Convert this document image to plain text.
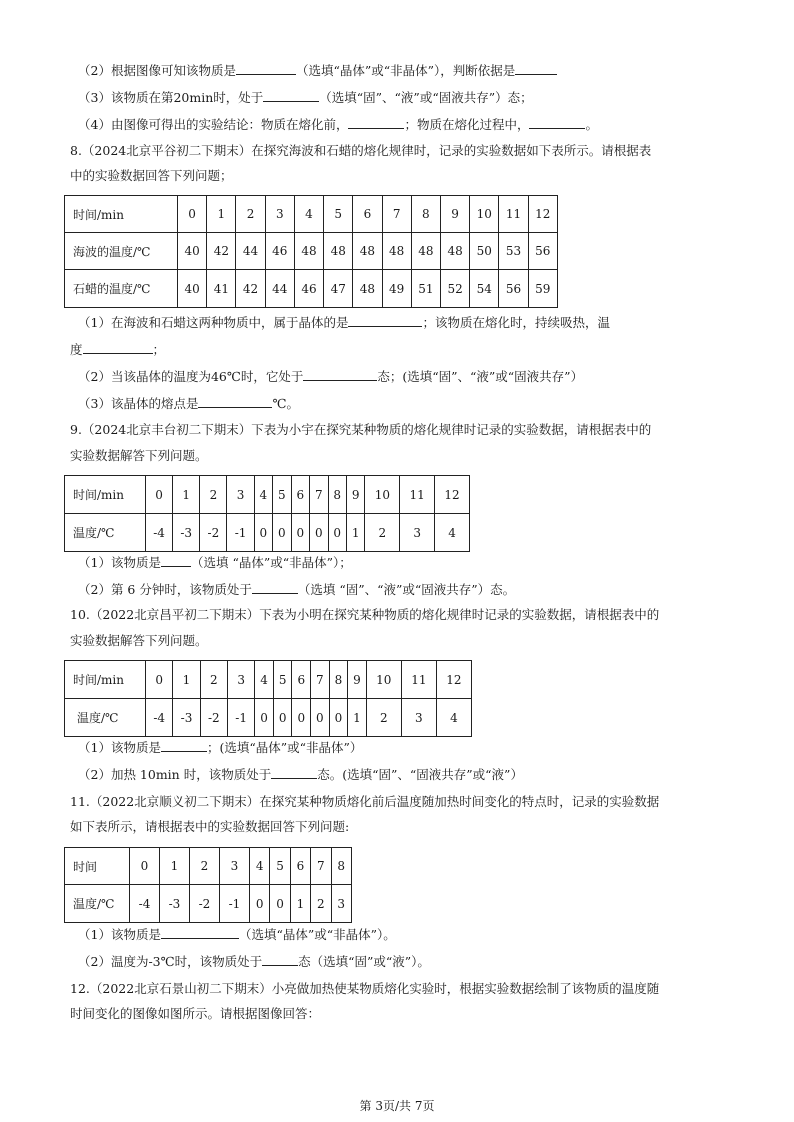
（2）根据图像可知该物质是	（选填“晶体”或“非晶体”），判断依据是
（3）该物质在第20min时，处于	（选填“固”、“液”或“固液共存”）态；
（4）由图像可得出的实验结论：物质在熔化前，	；物质在熔化过程中，	。
8.（2024北京平谷初二下期末）在探究海波和石蜡的熔化规律时，记录的实验数据如下表所示。请根据表
中的实验数据回答下列问题；
时间/min	0	1	2	3	4	5	6	7	8	9	10	11	12
海波的温度/℃	40	42	44	46	48	48	48	48	48	48	50	53	56
石蜡的温度/℃	40	41	42	44	46	47	48	49	51	52	54	56	59
（1）在海波和石蜡这两种物质中，属于晶体的是	；该物质在熔化时，持续吸热，温
度	；
（2）当该晶体的温度为46℃时，它处于	态；(选填“固”、“液”或“固液共存”）
（3）该晶体的熔点是	℃。
9.（2024北京丰台初二下期末）下表为小宇在探究某种物质的熔化规律时记录的实验数据，请根据表中的
实验数据解答下列问题。
时间/min	0	1	2	3	4	5	6	7	8	9	10	11	12
温度/℃	-4	-3	-2	-1	0	0	0	0	0	1	2	3	4
（1）该物质是 （选填 “晶体”或“非晶体”）；
（2）第 6 分钟时，该物质处于	（选填 “固”、“液”或“固液共存”）态。
10.（2022北京昌平初二下期末）下表为小明在探究某种物质的熔化规律时记录的实验数据，请根据表中的
实验数据解答下列问题。
时间/min	0	1	2	3	4	5	6	7	8	9	10	11	12
温度/℃	-4	-3	-2	-1	0	0	0	0	0	1	2	3	4
（1）该物质是	；(选填“晶体”或“非晶体”）
（2）加热 10min 时，该物质处于	态。(选填“固”、“固液共存”或“液”）
11.（2022北京顺义初二下期末）在探究某种物质熔化前后温度随加热时间变化的特点时，记录的实验数据
如下表所示，请根据表中的实验数据回答下列问题:
时间	0	1	2	3	4	5	6	7	8
温度/℃	-4	-3	-2	-1	0	0	1	2	3
（1）该物质是	（选填“晶体”或“非晶体”）。
（2）温度为-3℃时，该物质处于	态（选填“固”或“液”）。
12.（2022北京石景山初二下期末）小亮做加热使某物质熔化实验时，根据实验数据绘制了该物质的温度随
时间变化的图像如图所示。请根据图像回答：
第 3页/共 7页
